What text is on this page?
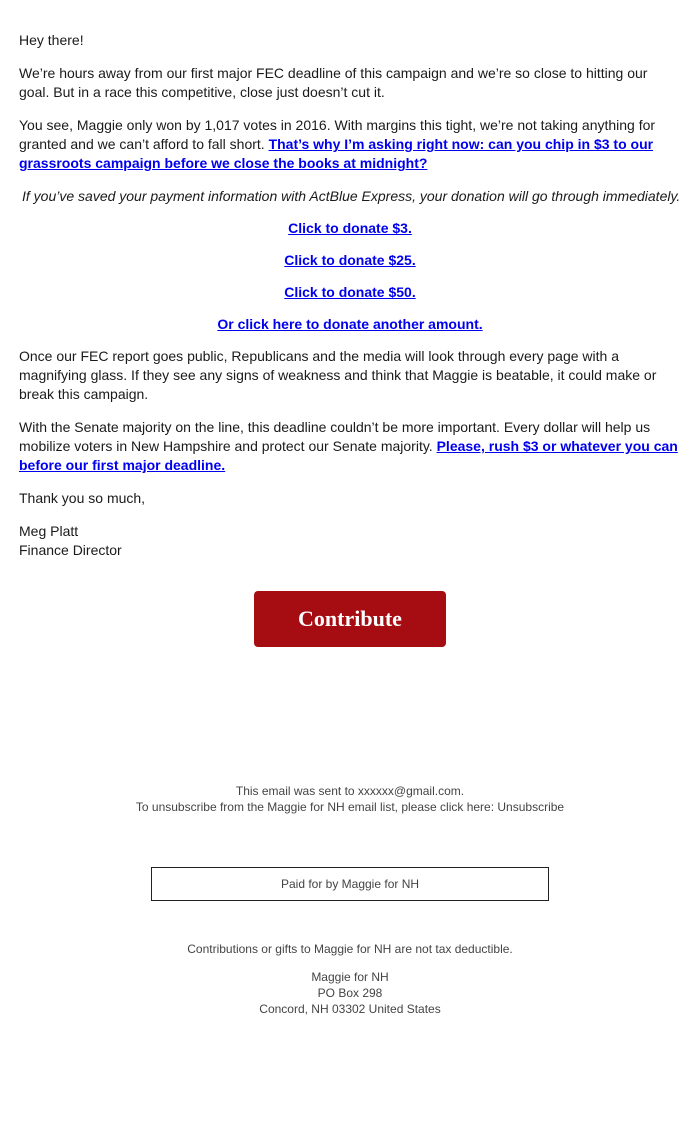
Hey there!

We’re hours away from our first major FEC deadline of this campaign and we’re so close to hitting our goal. But in a race this competitive, close just doesn’t cut it.

You see, Maggie only won by 1,017 votes in 2016. With margins this tight, we’re not taking anything for granted and we can’t afford to fall short. That’s why I’m asking right now: can you chip in $3 to our grassroots campaign before we close the books at midnight?

If you’ve saved your payment information with ActBlue Express, your donation will go through immediately.

Click to donate $3.

Click to donate $25.

Click to donate $50.

Or click here to donate another amount.

Once our FEC report goes public, Republicans and the media will look through every page with a magnifying glass. If they see any signs of weakness and think that Maggie is beatable, it could make or break this campaign.

With the Senate majority on the line, this deadline couldn’t be more important. Every dollar will help us mobilize voters in New Hampshire and protect our Senate majority. Please, rush $3 or whatever you can before our first major deadline.

Thank you so much,

Meg Platt
Finance Director

Contribute
This email was sent to xxxxxx@gmail.com.
To unsubscribe from the Maggie for NH email list, please click here: Unsubscribe
Paid for by Maggie for NH
Contributions or gifts to Maggie for NH are not tax deductible.
Maggie for NH
PO Box 298
Concord, NH 03302 United States
